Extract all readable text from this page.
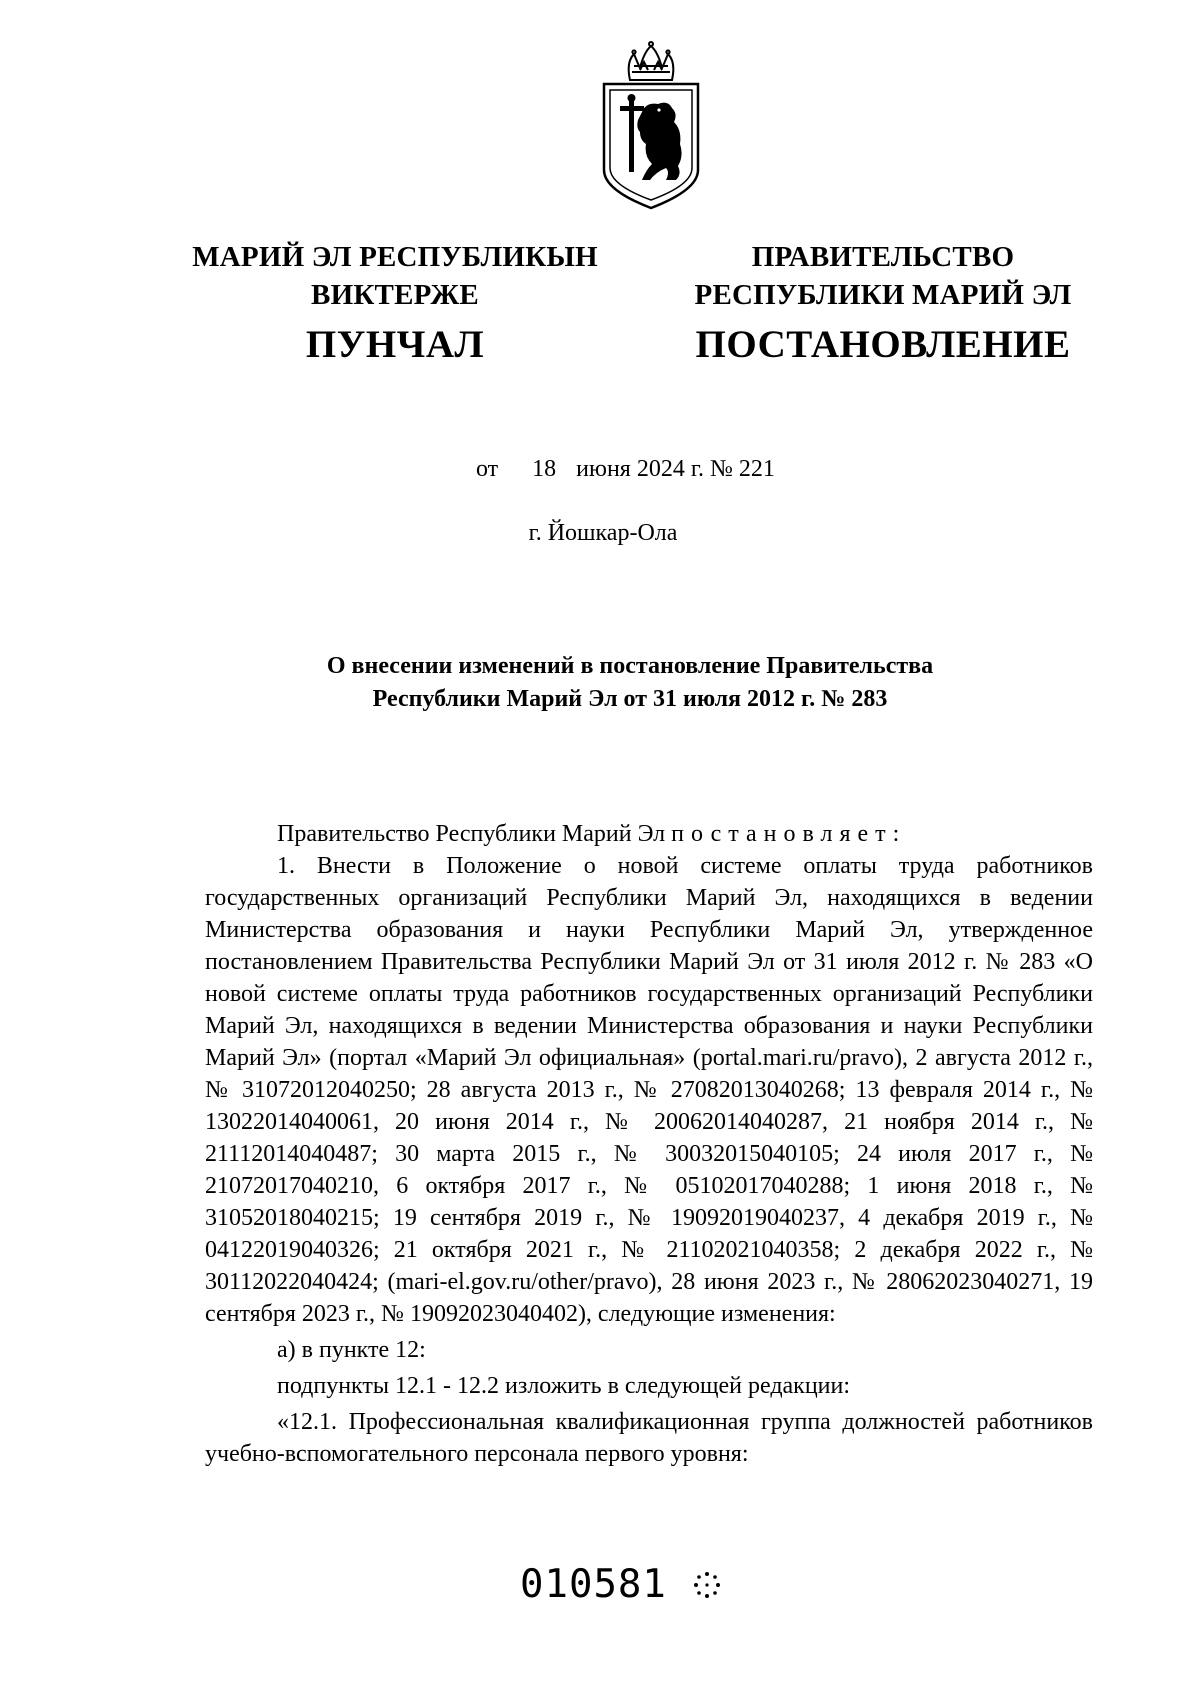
МАРИЙ ЭЛ РЕСПУБЛИКЫН
ВИКТЕРЖЕ
ПУНЧАЛ
ПРАВИТЕЛЬСТВО
РЕСПУБЛИКИ МАРИЙ ЭЛ
ПОСТАНОВЛЕНИЕ
от 18 июня 2024 г. № 221
г. Йошкар-Ола
О внесении изменений в постановление Правительства
Республики Марий Эл от 31 июля 2012 г. № 283

Правительство Республики Марий Эл постановляет:

1. Внести в Положение о новой системе оплаты труда работников государственных организаций Республики Марий Эл, находящихся в ведении Министерства образования и науки Республики Марий Эл, утвержденное постановлением Правительства Республики Марий Эл от 31 июля 2012 г. № 283 «О новой системе оплаты труда работников государственных организаций Республики Марий Эл, находящихся в ведении Министерства образования и науки Республики Марий Эл» (портал «Марий Эл официальная» (portal.mari.ru/pravo), 2 августа 2012 г., № 31072012040250; 28 августа 2013 г., № 27082013040268; 13 февраля 2014 г., № 13022014040061, 20 июня 2014 г., № 20062014040287, 21 ноября 2014 г., № 21112014040487; 30 марта 2015 г., № 30032015040105; 24 июля 2017 г., № 21072017040210, 6 октября 2017 г., № 05102017040288; 1 июня 2018 г., № 31052018040215; 19 сентября 2019 г., № 19092019040237, 4 декабря 2019 г., № 04122019040326; 21 октября 2021 г., № 21102021040358; 2 декабря 2022 г., № 30112022040424; (mari-el.gov.ru/other/pravo), 28 июня 2023 г., № 28062023040271, 19 сентября 2023 г., № 19092023040402), следующие изменения:

а) в пункте 12:

подпункты 12.1 - 12.2 изложить в следующей редакции:

«12.1. Профессиональная квалификационная группа должностей работников учебно-вспомогательного персонала первого уровня:

010581
